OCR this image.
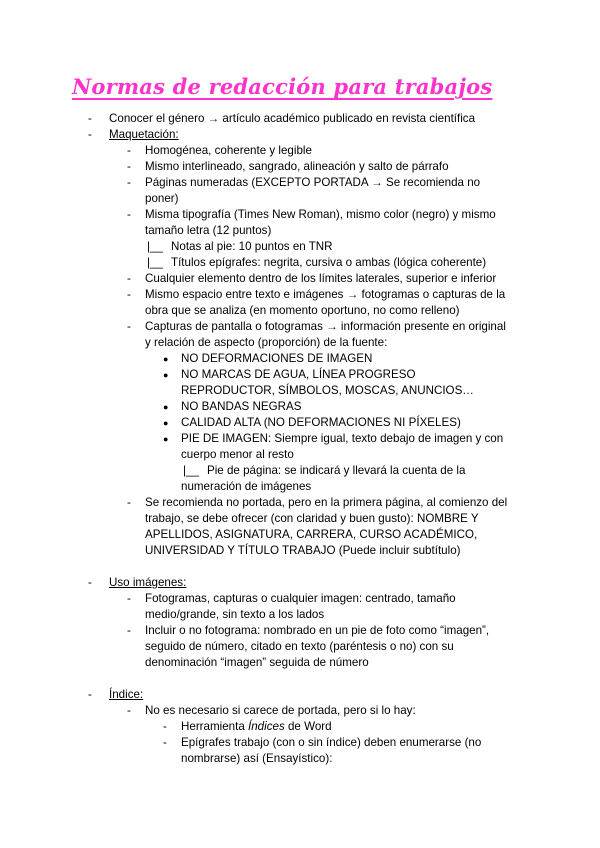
Normas de redacción para trabajos
- Conocer el género → artículo académico publicado en revista científica
- Maquetación:
- Homogénea, coherente y legible
- Mismo interlineado, sangrado, alineación y salto de párrafo
- Páginas numeradas (EXCEPTO PORTADA → Se recomienda no
poner)
- Misma tipografía (Times New Roman), mismo color (negro) y mismo
tamaño letra (12 puntos)
|__ Notas al pie: 10 puntos en TNR
|__ Títulos epígrafes: negrita, cursiva o ambas (lógica coherente)
- Cualquier elemento dentro de los límites laterales, superior e inferior
- Mismo espacio entre texto e imágenes → fotogramas o capturas de la
obra que se analiza (en momento oportuno, no como relleno)
- Capturas de pantalla o fotogramas → información presente en original
y relación de aspecto (proporción) de la fuente:
● NO DEFORMACIONES DE IMAGEN
● NO MARCAS DE AGUA, LÍNEA PROGRESO
REPRODUCTOR, SÍMBOLOS, MOSCAS, ANUNCIOS…
● NO BANDAS NEGRAS
● CALIDAD ALTA (NO DEFORMACIONES NI PÍXELES)
● PIE DE IMAGEN: Siempre igual, texto debajo de imagen y con
cuerpo menor al resto
|__ Pie de página: se indicará y llevará la cuenta de la
numeración de imágenes
- Se recomienda no portada, pero en la primera página, al comienzo del
trabajo, se debe ofrecer (con claridad y buen gusto): NOMBRE Y
APELLIDOS, ASIGNATURA, CARRERA, CURSO ACADÉMICO,
UNIVERSIDAD Y TÍTULO TRABAJO (Puede incluir subtítulo)
- Uso imágenes:
- Fotogramas, capturas o cualquier imagen: centrado, tamaño
medio/grande, sin texto a los lados
- Incluir o no fotograma: nombrado en un pie de foto como “imagen”,
seguido de número, citado en texto (paréntesis o no) con su
denominación “imagen” seguida de número
- Índice:
- No es necesario si carece de portada, pero si lo hay:
- Herramienta Índices de Word
- Epígrafes trabajo (con o sin índice) deben enumerarse (no
nombrarse) así (Ensayístico):
